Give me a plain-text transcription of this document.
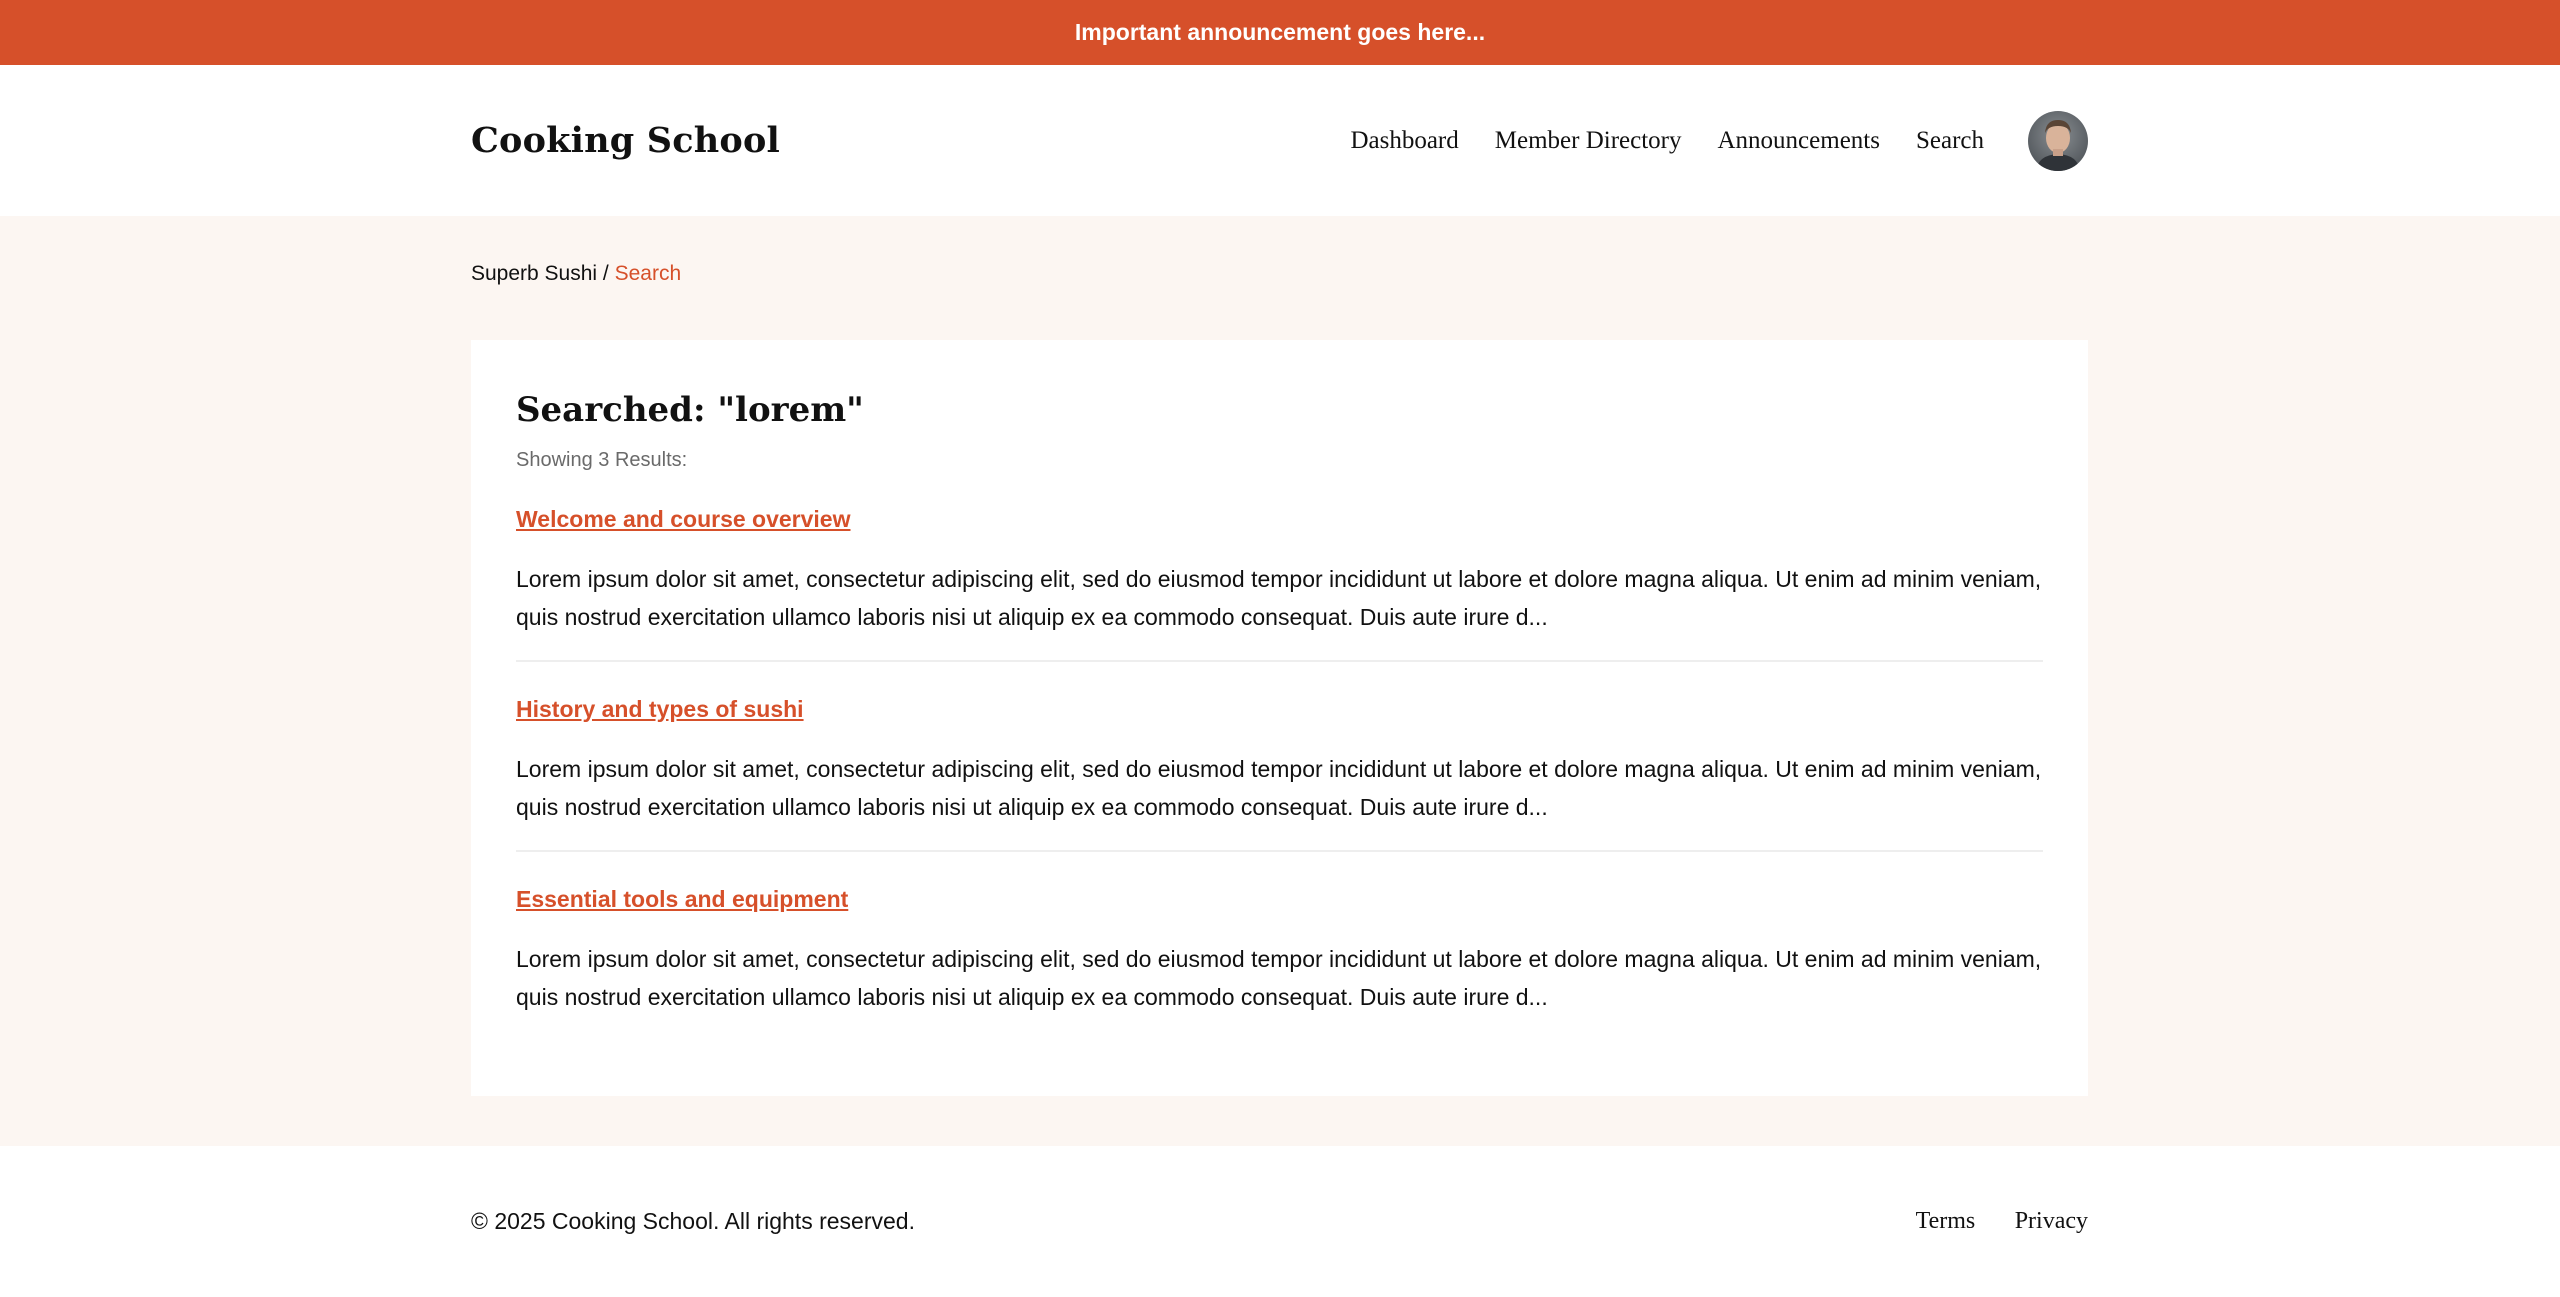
Important announcement goes here...
Cooking School	Dashboard Member Directory Announcements Search
Superb Sushi / Search
Searched: "lorem"
Showing 3 Results:
Welcome and course overview
Lorem ipsum dolor sit amet, consectetur adipiscing elit, sed do eiusmod tempor incididunt ut labore et dolore magna aliqua. Ut enim ad minim veniam, quis nostrud exercitation ullamco laboris nisi ut aliquip ex ea commodo consequat. Duis aute irure d...
History and types of sushi
Lorem ipsum dolor sit amet, consectetur adipiscing elit, sed do eiusmod tempor incididunt ut labore et dolore magna aliqua. Ut enim ad minim veniam, quis nostrud exercitation ullamco laboris nisi ut aliquip ex ea commodo consequat. Duis aute irure d...
Essential tools and equipment
Lorem ipsum dolor sit amet, consectetur adipiscing elit, sed do eiusmod tempor incididunt ut labore et dolore magna aliqua. Ut enim ad minim veniam, quis nostrud exercitation ullamco laboris nisi ut aliquip ex ea commodo consequat. Duis aute irure d...
© 2025 Cooking School. All rights reserved.	Terms Privacy
